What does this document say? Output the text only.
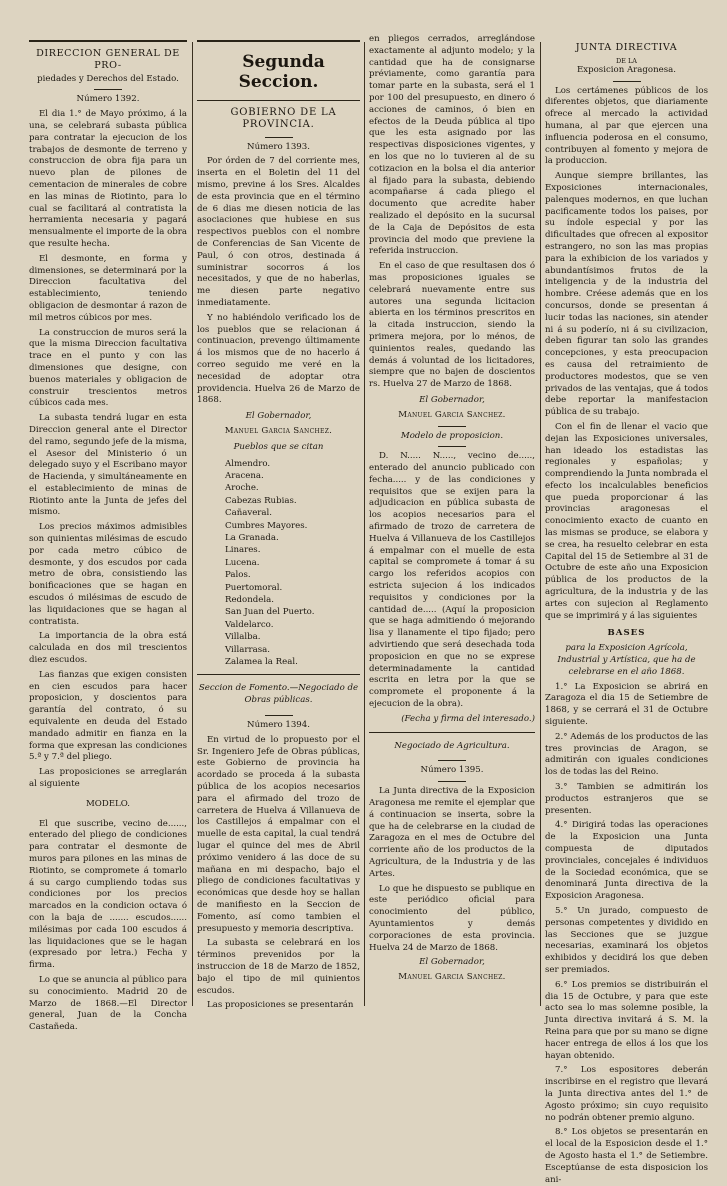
DIRECCION GENERAL DE PRO-

piedades y Derechos del Estado.

Número 1392.

El dia 1.° de Mayo próximo, á la una, se celebrará subasta pública para contratar la ejecucion de los trabajos de desmonte de terreno y construccion de obra fija para un nuevo plan de pilones de cementacion de minerales de cobre en las minas de Riotinto, para lo cual se facilitará al contratista la herramienta necesaria y pagará mensualmente el importe de la obra que resulte hecha.

El desmonte, en forma y dimensiones, se determinará por la Direccion facultativa del establecimiento, teniendo obligacion de desmontar á razon de mil metros cúbicos por mes.

La construccion de muros será la que la misma Direccion facultativa trace en el punto y con las dimensiones que designe, con buenos materiales y obligacion de construir trescientos metros cúbicos cada mes.

La subasta tendrá lugar en esta Direccion general ante el Director del ramo, segundo jefe de la misma, el Asesor del Ministerio ó un delegado suyo y el Escribano mayor de Hacienda, y simultáneamente en el establecimiento de minas de Riotinto ante la Junta de jefes del mismo.

Los precios máximos admisibles son quinientas milésimas de escudo por cada metro cúbico de desmonte, y dos escudos por cada metro de obra, consistiendo las bonificaciones que se hagan en escudos ó milésimas de escudo de las liquidaciones que se hagan al contratista.

La importancia de la obra está calculada en dos mil trescientos diez escudos.

Las fianzas que exigen consisten en cien escudos para hacer proposicion, y doscientos para garantía del contrato, ó su equivalente en deuda del Estado mandado admitir en fianza en la forma que expresan las condiciones 5.ª y 7.ª del pliego.

Las proposiciones se arreglarán al siguiente

MODELO.

El que suscribe, vecino de......, enterado del pliego de condiciones para contratar el desmonte de muros para pilones en las minas de Riotinto, se compromete á tomarlo á su cargo cumpliendo todas sus condiciones por los precios marcados en la condicion octava ó con la baja de ....... escudos...... milésimas por cada 100 escudos á las liquidaciones que se le hagan (expresado por letra.) Fecha y firma.

Lo que se anuncia al público para su conocimiento. Madrid 20 de Marzo de 1868.—El Director general, Juan de la Concha Castañeda.

Segunda Seccion.

GOBIERNO DE LA PROVINCIA.

Número 1393.

Por órden de 7 del corriente mes, inserta en el Boletin del 11 del mismo, previne á los Sres. Alcaldes de esta provincia que en el término de 6 dias me diesen noticia de las asociaciones que hubiese en sus respectivos pueblos con el nombre de Conferencias de San Vicente de Paul, ó con otros, destinada á suministrar socorros á los necesitados, y que de no haberlas, me diesen parte negativo inmediatamente.

Y no habiéndolo verificado los de los pueblos que se relacionan á continuacion, prevengo últimamente á los mismos que de no hacerlo á correo seguido me veré en la necesidad de adoptar otra providencia. Huelva 26 de Marzo de 1868.

El Gobernador,

Manuel Garcia Sanchez.

Pueblos que se citan

Almendro.
Aracena.
Aroche.
Cabezas Rubias.
Cañaveral.
Cumbres Mayores.
La Granada.
Linares.
Lucena.
Palos.
Puertomoral.
Redondela.
San Juan del Puerto.
Valdelarco.
Villalba.
Villarrasa.
Zalamea la Real.

Seccion de Fomento.—Negociado de Obras públicas.

Número 1394.

En virtud de lo propuesto por el Sr. Ingeniero Jefe de Obras públicas, este Gobierno de provincia ha acordado se proceda á la subasta pública de los acopios necesarios para el afirmado del trozo de carretera de Huelva á Villanueva de los Castillejos á empalmar con el muelle de esta capital, la cual tendrá lugar el quince del mes de Abril próximo venidero á las doce de su mañana en mi despacho, bajo el pliego de condiciones facultativas y económicas que desde hoy se hallan de manifiesto en la Seccion de Fomento, así como tambien el presupuesto y memoria descriptiva.

La subasta se celebrará en los términos prevenidos por la instruccion de 18 de Marzo de 1852, bajo el tipo de mil quinientos escudos.

Las proposiciones se presentarán

en pliegos cerrados, arreglándose exactamente al adjunto modelo; y la cantidad que ha de consignarse préviamente, como garantía para tomar parte en la subasta, será el 1 por 100 del presupuesto, en dinero ó acciones de caminos, ó bien en efectos de la Deuda pública al tipo que les esta asignado por las respectivas disposiciones vigentes, y en los que no lo tuvieren al de su cotizacion en la bolsa el dia anterior al fijado para la subasta, debiendo acompañarse á cada pliego el documento que acredite haber realizado el depósito en la sucursal de la Caja de Depósitos de esta provincia del modo que previene la referida instruccion.

En el caso de que resultasen dos ó mas proposiciones iguales se celebrará nuevamente entre sus autores una segunda licitacion abierta en los términos prescritos en la citada instruccion, siendo la primera mejora, por lo ménos, de quinientos reales, quedando las demás á voluntad de los licitadores, siempre que no bajen de doscientos rs. Huelva 27 de Marzo de 1868.

El Gobernador,

Manuel Garcia Sanchez.

Modelo de proposicion.

D. N..... N....., vecino de....., enterado del anuncio publicado con fecha..... y de las condiciones y requisitos que se exijen para la adjudicacion en pública subasta de los acopios necesarios para el afirmado de trozo de carretera de Huelva á Villanueva de los Castillejos á empalmar con el muelle de esta capital se compromete á tomar á su cargo los referidos acopios con estricta sujecion á los indicados requisitos y condiciones por la cantidad de..... (Aquí la proposicion que se haga admitiendo ó mejorando lisa y llanamente el tipo fijado; pero advirtiendo que será desechada toda proposicion en que no se exprese determinadamente la cantidad escrita en letra por la que se compromete el proponente á la ejecucion de la obra).

(Fecha y firma del interesado.)

Negociado de Agricultura.

Número 1395.

La Junta directiva de la Exposicion Aragonesa me remite el ejemplar que á continuacion se inserta, sobre la que ha de celebrarse en la ciudad de Zaragoza en el mes de Octubre del corriente año de los productos de la Agricultura, de la Industria y de las Artes.

Lo que he dispuesto se publique en este periódico oficial para conocimiento del público, Ayuntamientos y demás corporaciones de esta provincia. Huelva 24 de Marzo de 1868.

El Gobernador,

Manuel Garcia Sanchez.

JUNTA DIRECTIVA

DE LA

Exposicion Aragonesa.

Los certámenes públicos de los diferentes objetos, que diariamente ofrece al mercado la actividad humana, al par que ejercen una influencia poderosa en el consumo, contribuyen al fomento y mejora de la produccion.

Aunque siempre brillantes, las Exposiciones internacionales, palenques modernos, en que luchan pacificamente todos los paises, por su índole especial y por las dificultades que ofrecen al expositor estrangero, no son las mas propias para la exhibicion de los variados y abundantísimos frutos de la inteligencia y de la industria del hombre. Créese además que en los concursos, donde se presentan á lucir todas las naciones, sin atender ni á su poderío, ni á su civilizacion, deben figurar tan solo las grandes concepciones, y esta preocupacion es causa del retraimiento de productores modestos, que se ven privados de las ventajas, que á todos debe reportar la manifestacion pública de su trabajo.

Con el fin de llenar el vacio que dejan las Exposiciones universales, han ideado los estadistas las regionales y españolas; y comprendiendo la Junta nombrada el efecto los incalculables beneficios que pueda proporcionar á las provincias aragonesas el conocimiento exacto de cuanto en las mismas se produce, se elabora y se crea, ha resuelto celebrar en esta Capital del 15 de Setiembre al 31 de Octubre de este año una Exposicion pública de los productos de la agricultura, de la industria y de las artes con sujecion al Reglamento que se imprimirá y á las siguientes

BASES

para la Exposicion Agrícola, Industrial y Artística, que ha de celebrarse en el año 1868.

1.° La Exposicion se abrirá en Zaragoza el dia 15 de Setiembre de 1868, y se cerrará el 31 de Octubre siguiente.

2.° Además de los productos de las tres provincias de Aragon, se admitirán con iguales condiciones los de todas las del Reino.

3.° Tambien se admitirán los productos estranjeros que se presenten.

4.° Dirigirá todas las operaciones de la Exposicion una Junta compuesta de diputados provinciales, concejales é individuos de la Sociedad económica, que se denominará Junta directiva de la Exposicion Aragonesa.

5.° Un jurado, compuesto de personas competentes y dividido en las Secciones que se juzgue necesarias, examinará los objetos exhibidos y decidirá los que deben ser premiados.

6.° Los premios se distribuirán el dia 15 de Octubre, y para que este acto sea lo mas solemne posible, la Junta directiva invitará á S. M. la Reina para que por su mano se digne hacer entrega de ellos á los que los hayan obtenido.

7.° Los espositores deberán inscribirse en el registro que llevará la Junta directiva antes del 1.° de Agosto próximo; sin cuyo requisito no podrán obtener premio alguno.

8.° Los objetos se presentarán en el local de la Esposicion desde el 1.° de Agosto hasta el 1.° de Setiembre. Esceptúanse de esta disposicion los ani-
